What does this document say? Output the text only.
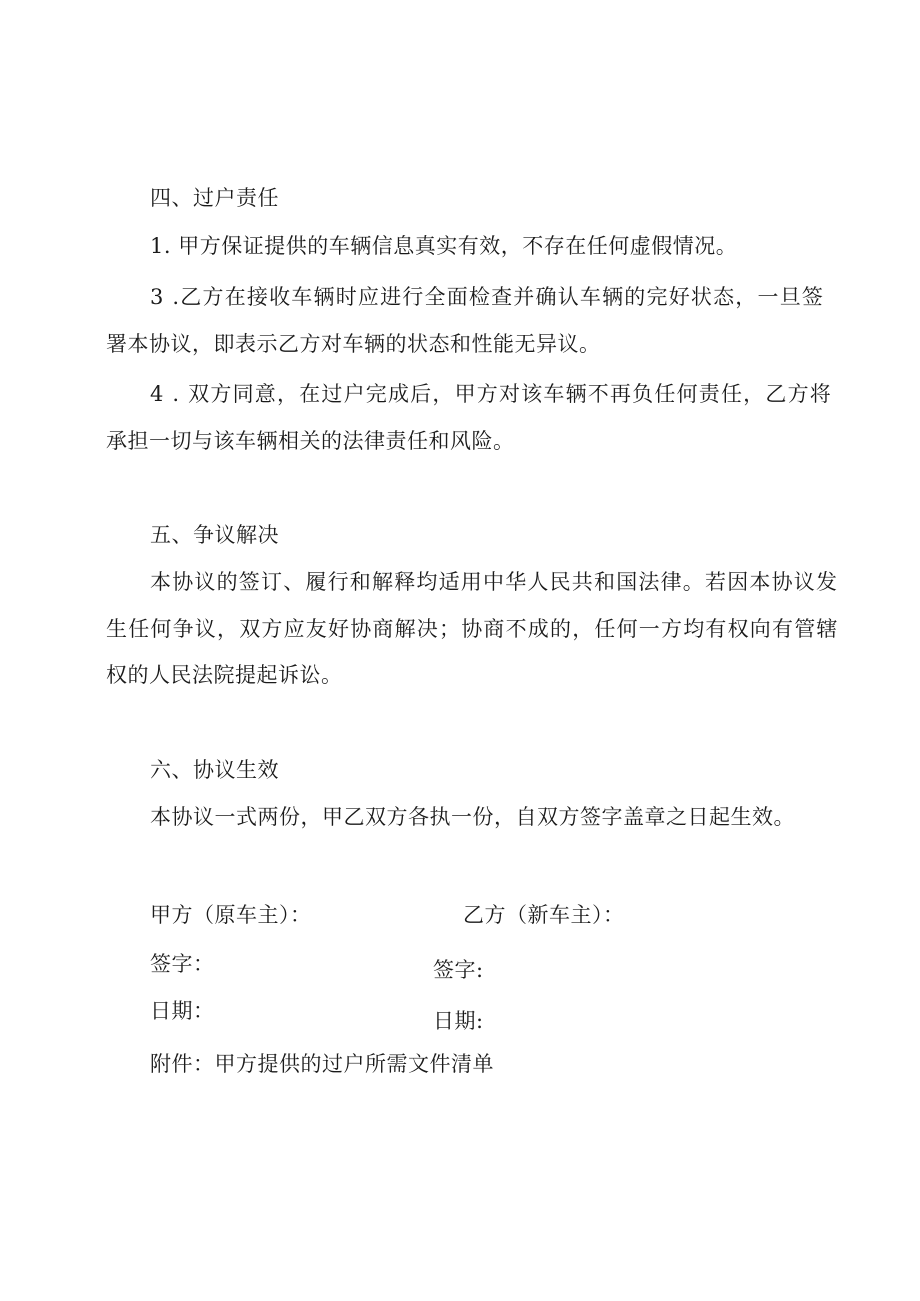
四、过户责任
1. 甲方保证提供的车辆信息真实有效，不存在任何虚假情况。
3 .乙方在接收车辆时应进行全面检查并确认车辆的完好状态，一旦签
署本协议，即表示乙方对车辆的状态和性能无异议。
4 . 双方同意，在过户完成后，甲方对该车辆不再负任何责任，乙方将
承担一切与该车辆相关的法律责任和风险。
五、争议解决
本协议的签订、履行和解释均适用中华人民共和国法律。若因本协议发
生任何争议，双方应友好协商解决；协商不成的，任何一方均有权向有管辖
权的人民法院提起诉讼。
六、协议生效
本协议一式两份，甲乙双方各执一份，自双方签字盖章之日起生效。
甲方（原车主）：	乙方（新车主）：
签字：	签字:
日期：	日期:
附件：甲方提供的过户所需文件清单
